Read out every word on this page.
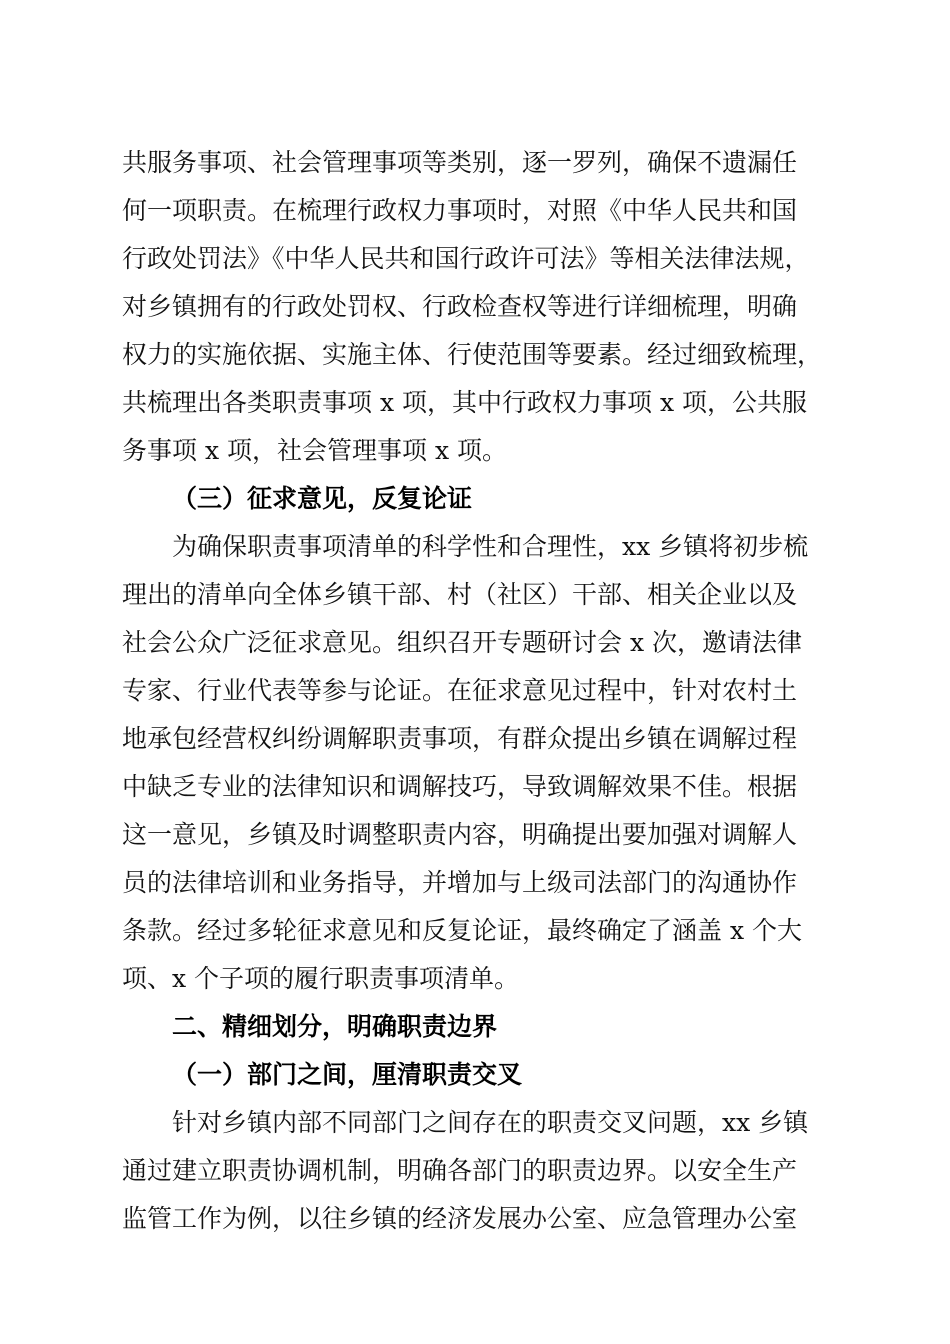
共服务事项、社会管理事项等类别，逐一罗列，确保不遗漏任
何一项职责。在梳理行政权力事项时，对照《中华人民共和国
行政处罚法》《中华人民共和国行政许可法》等相关法律法规，
对乡镇拥有的行政处罚权、行政检查权等进行详细梳理，明确
权力的实施依据、实施主体、行使范围等要素。经过细致梳理，
共梳理出各类职责事项 x 项，其中行政权力事项 x 项，公共服
务事项 x 项，社会管理事项 x 项。
（三）征求意见，反复论证
为确保职责事项清单的科学性和合理性，xx 乡镇将初步梳
理出的清单向全体乡镇干部、村（社区）干部、相关企业以及
社会公众广泛征求意见。组织召开专题研讨会 x 次，邀请法律
专家、行业代表等参与论证。在征求意见过程中，针对农村土
地承包经营权纠纷调解职责事项，有群众提出乡镇在调解过程
中缺乏专业的法律知识和调解技巧，导致调解效果不佳。根据
这一意见，乡镇及时调整职责内容，明确提出要加强对调解人
员的法律培训和业务指导，并增加与上级司法部门的沟通协作
条款。经过多轮征求意见和反复论证，最终确定了涵盖 x 个大
项、x 个子项的履行职责事项清单。
二、精细划分，明确职责边界
（一）部门之间，厘清职责交叉
针对乡镇内部不同部门之间存在的职责交叉问题，xx 乡镇
通过建立职责协调机制，明确各部门的职责边界。以安全生产
监管工作为例，以往乡镇的经济发展办公室、应急管理办公室
